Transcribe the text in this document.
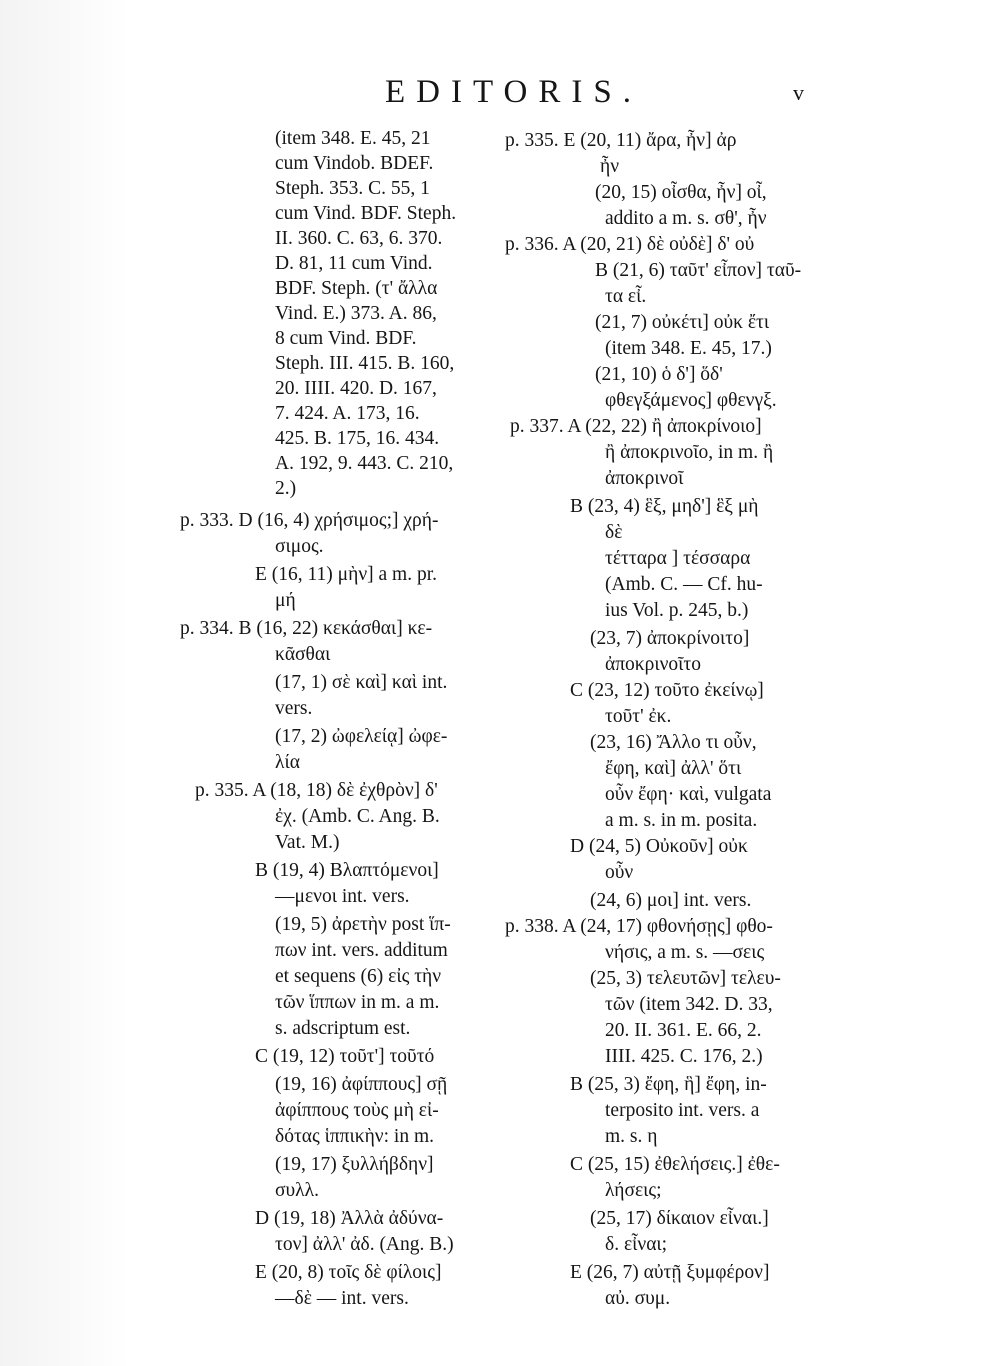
EDITORIS.	v
(item 348. E. 45, 21
cum Vindob. BDEF.
Steph. 353. C. 55, 1
cum Vind. BDF. Steph.
II. 360. C. 63, 6. 370.
D. 81, 11 cum Vind.
BDF. Steph. (τ' ἄλλα
Vind. E.) 373. A. 86,
8 cum Vind. BDF.
Steph. III. 415. B. 160,
20. IIII. 420. D. 167,
7. 424. A. 173, 16.
425. B. 175, 16. 434.
A. 192, 9. 443. C. 210,
2.)
p. 333. D (16, 4) χρήσιμος;] χρή-
σιμος.
E (16, 11) μὴν] a m. pr.
μή
p. 334. B (16, 22) κεκάσθαι] κε-
κᾶσθαι
(17, 1) σὲ καὶ] καὶ int.
vers.
(17, 2) ὠφελείᾳ] ὠφε-
λία
p. 335. A (18, 18) δὲ ἐχθρὸν] δ'
ἐχ. (Amb. C. Ang. B.
Vat. M.)
B (19, 4) Βλαπτόμενοι]
—μενοι int. vers.
(19, 5) ἀρετὴν post ἵπ-
πων int. vers. additum
et sequens (6) εἰς τὴν
τῶν ἵππων in m. a m.
s. adscriptum est.
C (19, 12) τοῦτ'] τοῦτό
(19, 16) ἀφίππους] σῇ
ἀφίππους τοὺς μὴ εἰ-
δότας ἱππικὴν: in m.
(19, 17) ξυλλήβδην]
συλλ.
D (19, 18) Ἀλλὰ ἀδύνα-
τον] ἀλλ' ἀδ. (Ang. B.)
E (20, 8) τοῖς δὲ φίλοις]
—δὲ — int. vers.
p. 335. E (20, 11) ἄρα, ἦν] ἀρ
ἦν
(20, 15) οἶσθα, ἦν] οἶ,
addito a m. s. σθ', ἦν
p. 336. A (20, 21) δὲ οὐδὲ] δ' οὐ
B (21, 6) ταῦτ' εἶπον] ταῦ-
τα εἶ.
(21, 7) οὐκέτι] οὐκ ἔτι
(item 348. E. 45, 17.)
(21, 10) ὁ δ'] ὅδ'
φθεγξάμενος] φθενγξ.
p. 337. A (22, 22) ἢ ἀποκρίνοιο]
ἢ ἀποκρινοῖο, in m. ἢ
ἀποκρινοῖ
B (23, 4) ἓξ, μηδ'] ἓξ μὴ
δὲ
τέτταρα ] τέσσαρα
(Amb. C. — Cf. hu-
ius Vol. p. 245, b.)
(23, 7) ἀποκρίνοιτο]
ἀποκρινοῖτο
C (23, 12) τοῦτο ἐκείνῳ]
τοῦτ' ἐκ.
(23, 16) Ἄλλο τι οὖν,
ἔφη, καὶ] ἀλλ' ὅτι
οὖν ἔφη· καὶ, vulgata
a m. s. in m. posita.
D (24, 5) Οὐκοῦν] οὐκ
οὖν
(24, 6) μοι] int. vers.
p. 338. A (24, 17) φθονήσῃς] φθο-
νήσις, a m. s. —σεις
(25, 3) τελευτῶν] τελευ-
τῶν (item 342. D. 33,
20. II. 361. E. 66, 2.
IIII. 425. C. 176, 2.)
B (25, 3) ἔφη, ἣ] ἔφη, in-
terposito int. vers. a
m. s. η
C (25, 15) ἐθελήσεις.] ἐθε-
λήσεις;
(25, 17) δίκαιον εἶναι.]
δ. εἶναι;
E (26, 7) αὐτῇ ξυμφέρον]
αὐ. συμ.
